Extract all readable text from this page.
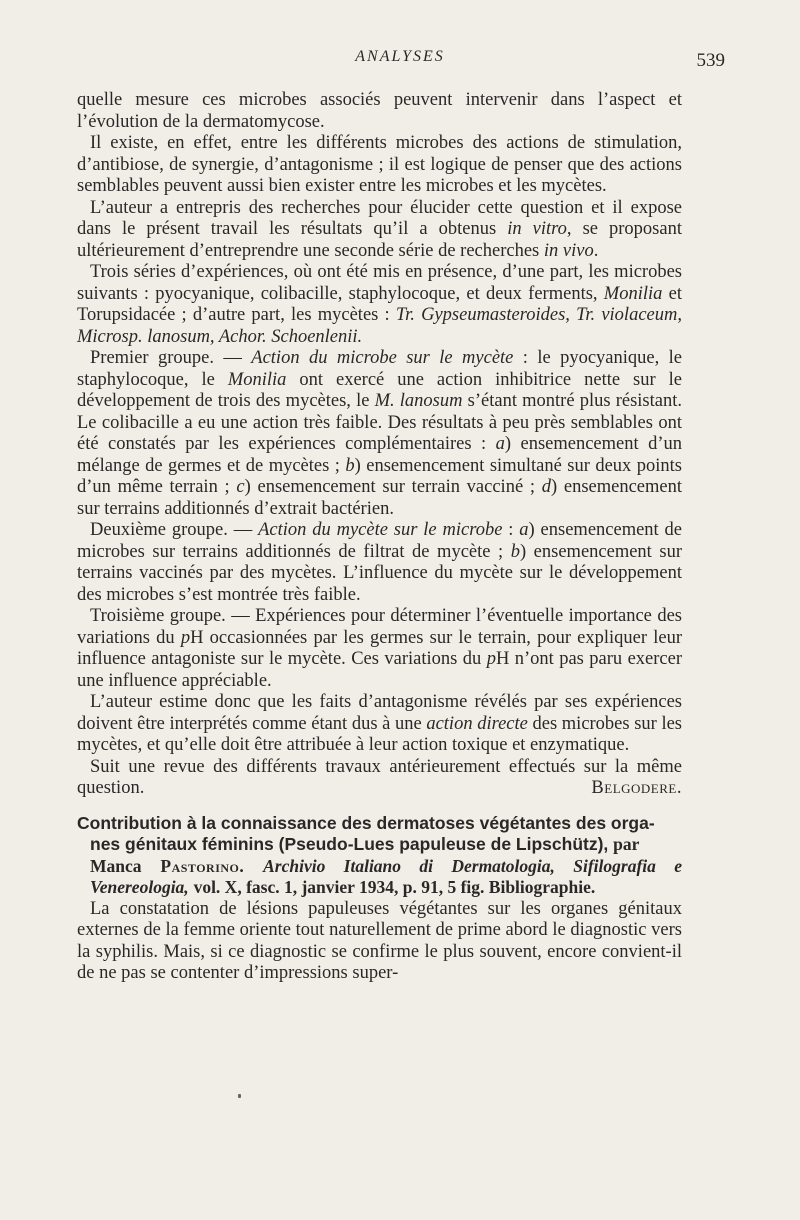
ANALYSES	539

quelle mesure ces microbes associés peuvent intervenir dans l’aspect et l’évolution de la dermatomycose.

Il existe, en effet, entre les différents microbes des actions de stimulation, d’antibiose, de synergie, d’antagonisme ; il est logique de penser que des actions semblables peuvent aussi bien exister entre les microbes et les mycètes.

L’auteur a entrepris des recherches pour élucider cette question et il expose dans le présent travail les résultats qu’il a obtenus in vitro, se proposant ultérieurement d’entreprendre une seconde série de recherches in vivo.

Trois séries d’expériences, où ont été mis en présence, d’une part, les microbes suivants : pyocyanique, colibacille, staphylocoque, et deux ferments, Monilia et Torupsidacée ; d’autre part, les mycètes : Tr. Gypseumasteroides, Tr. violaceum, Microsp. lanosum, Achor. Schoenlenii.

Premier groupe. — Action du microbe sur le mycète : le pyocyanique, le staphylocoque, le Monilia ont exercé une action inhibitrice nette sur le développement de trois des mycètes, le M. lanosum s’étant montré plus résistant. Le colibacille a eu une action très faible. Des résultats à peu près semblables ont été constatés par les expériences complémentaires : a) ensemencement d’un mélange de germes et de mycètes ; b) ensemencement simultané sur deux points d’un même terrain ; c) ensemencement sur terrain vacciné ; d) ensemencement sur terrains additionnés d’extrait bactérien.

Deuxième groupe. — Action du mycète sur le microbe : a) ensemencement de microbes sur terrains additionnés de filtrat de mycète ; b) ensemencement sur terrains vaccinés par des mycètes. L’influence du mycète sur le développement des microbes s’est montrée très faible.

Troisième groupe. — Expériences pour déterminer l’éventuelle importance des variations du pH occasionnées par les germes sur le terrain, pour expliquer leur influence antagoniste sur le mycète. Ces variations du pH n’ont pas paru exercer une influence appréciable.

L’auteur estime donc que les faits d’antagonisme révélés par ses expériences doivent être interprétés comme étant dus à une action directe des microbes sur les mycètes, et qu’elle doit être attribuée à leur action toxique et enzymatique.

Suit une revue des différents travaux antérieurement effectués sur la même question.	Belgodere.
Contribution à la connaissance des dermatoses végétantes des orga-
nes génitaux féminins (Pseudo-Lues papuleuse de Lipschütz), par
Manca Pastorino. Archivio Italiano di Dermatologia, Sifilografia e Venereologia, vol. X, fasc. 1, janvier 1934, p. 91, 5 fig. Bibliographie.

La constatation de lésions papuleuses végétantes sur les organes génitaux externes de la femme oriente tout naturellement de prime abord le diagnostic vers la syphilis. Mais, si ce diagnostic se confirme le plus souvent, encore convient-il de ne pas se contenter d’impressions super-
